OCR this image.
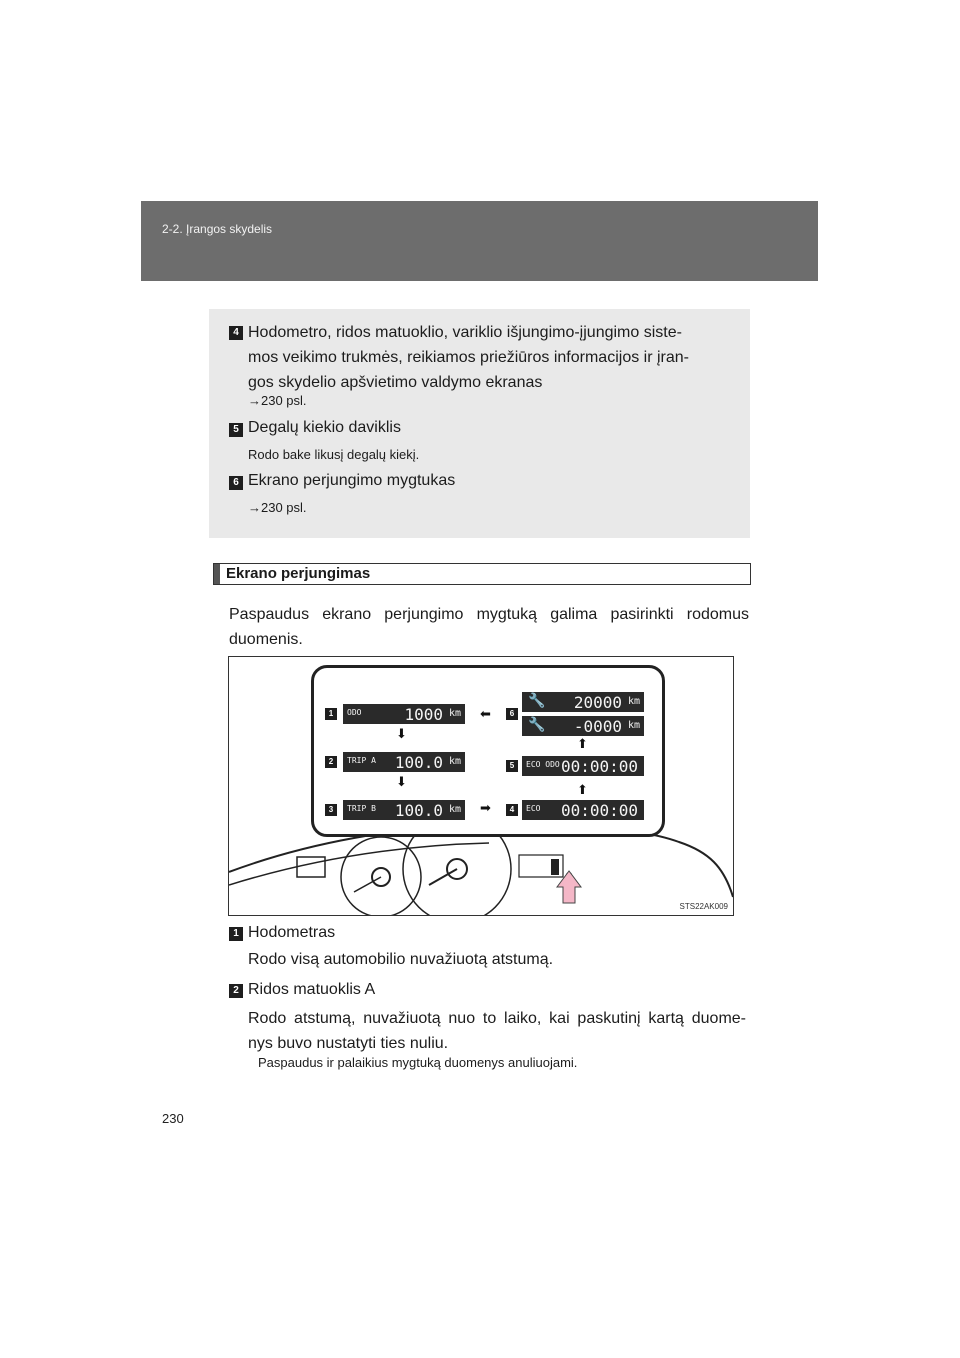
2-2. Įrangos skydelis
4 Hodometro, ridos matuoklio, variklio išjungimo-įjungimo siste-
mos veikimo trukmės, reikiamos priežiūros informacijos ir įran-
gos skydelio apšvietimo valdymo ekranas
→230 psl.
5 Degalų kiekio daviklis
Rodo bake likusį degalų kiekį.
6 Ekrano perjungimo mygtukas
→230 psl.
Ekrano perjungimas
Paspaudus ekrano perjungimo mygtuką galima pasirinkti rodomus
duomenis.
1	ODO	1000 km
⬇
2	TRIP A 100.0 km
⬇
3	TRIP B 100.0 km ➡	4	ECO 00:00:00
⬆
5	ECO ODO 00:00:00
⬆
6
🔧 20000 km
🔧 -0000 km
⬅
STS22AK009
1 Hodometras
Rodo visą automobilio nuvažiuotą atstumą.
2 Ridos matuoklis A
Rodo atstumą, nuvažiuotą nuo to laiko, kai paskutinį kartą duome-
nys buvo nustatyti ties nuliu.
Paspaudus ir palaikius mygtuką duomenys anuliuojami.
230
